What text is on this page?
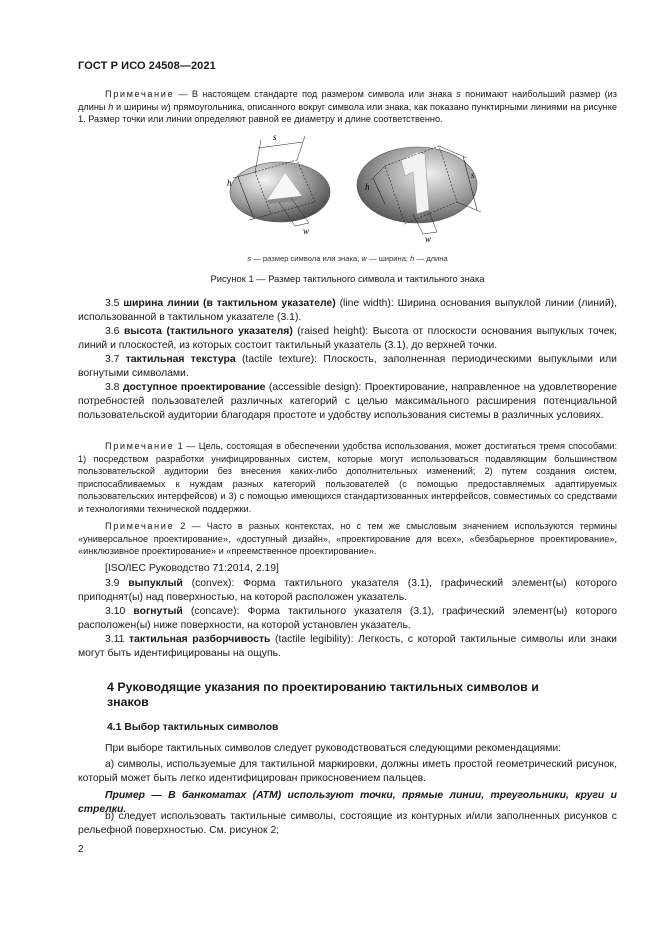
ГОСТ Р ИСО 24508—2021
Примечание — В настоящем стандарте под размером символа или знака s понимают наибольший размер (из длины h и ширины w) прямоугольника, описанного вокруг символа или знака, как показано пунктирными линиями на рисунке 1. Размер точки или линии определяют равной ее диаметру и длине соответственно.
s
h
w
s
h
w
s — размер символа или знака; w — ширина; h — длина
Рисунок 1 — Размер тактильного символа и тактильного знака
3.5 ширина линии (в тактильном указателе) (line width): Ширина основания выпуклой линии (линий), использованной в тактильном указателе (3.1).
3.6 высота (тактильного указателя) (raised height): Высота от плоскости основания выпуклых точек, линий и плоскостей, из которых состоит тактильный указатель (3.1), до верхней точки.
3.7 тактильная текстура (tactile texture): Плоскость, заполненная периодическими выпуклыми или вогнутыми символами.
3.8 доступное проектирование (accessible design): Проектирование, направленное на удовлетворение потребностей пользователей различных категорий с целью максимального расширения потенциальной пользовательской аудитории благодаря простоте и удобству использования системы в различных условиях.
Примечание 1 — Цель, состоящая в обеспечении удобства использования, может достигаться тремя способами: 1) посредством разработки унифицированных систем, которые могут использоваться подавляющим большинством пользовательской аудитории без внесения каких-либо дополнительных изменений; 2) путем создания систем, приспосабливаемых к нуждам разных категорий пользователей (с помощью предоставляемых адаптируемых пользовательских интерфейсов) и 3) с помощью имеющихся стандартизованных интерфейсов, совместимых со средствами и технологиями технической поддержки.
Примечание 2 — Часто в разных контекстах, но с тем же смысловым значением используются термины «универсальное проектирование», «доступный дизайн», «проектирование для всех», «безбарьерное проектирование», «инклюзивное проектирование» и «преемственное проектирование».
[ISO/IEC Руководство 71:2014, 2.19]
3.9 выпуклый (convex): Форма тактильного указателя (3.1), графический элемент(ы) которого приподнят(ы) над поверхностью, на которой расположен указатель.
3.10 вогнутый (concave): Форма тактильного указателя (3.1), графический элемент(ы) которого расположен(ы) ниже поверхности, на которой установлен указатель.
3.11 тактильная разборчивость (tactile legibility): Легкость, с которой тактильные символы или знаки могут быть идентифицированы на ощупь.
4 Руководящие указания по проектированию тактильных символов и знаков
4.1 Выбор тактильных символов
При выборе тактильных символов следует руководствоваться следующими рекомендациями:
а) символы, используемые для тактильной маркировки, должны иметь простой геометрический рисунок, который может быть легко идентифицирован прикосновением пальцев.
Пример — В банкоматах (АТМ) используют точки, прямые линии, треугольники, круги и стрелки.
b) следует использовать тактильные символы, состоящие из контурных и/или заполненных рисунков с рельефной поверхностью. См. рисунок 2;
2
